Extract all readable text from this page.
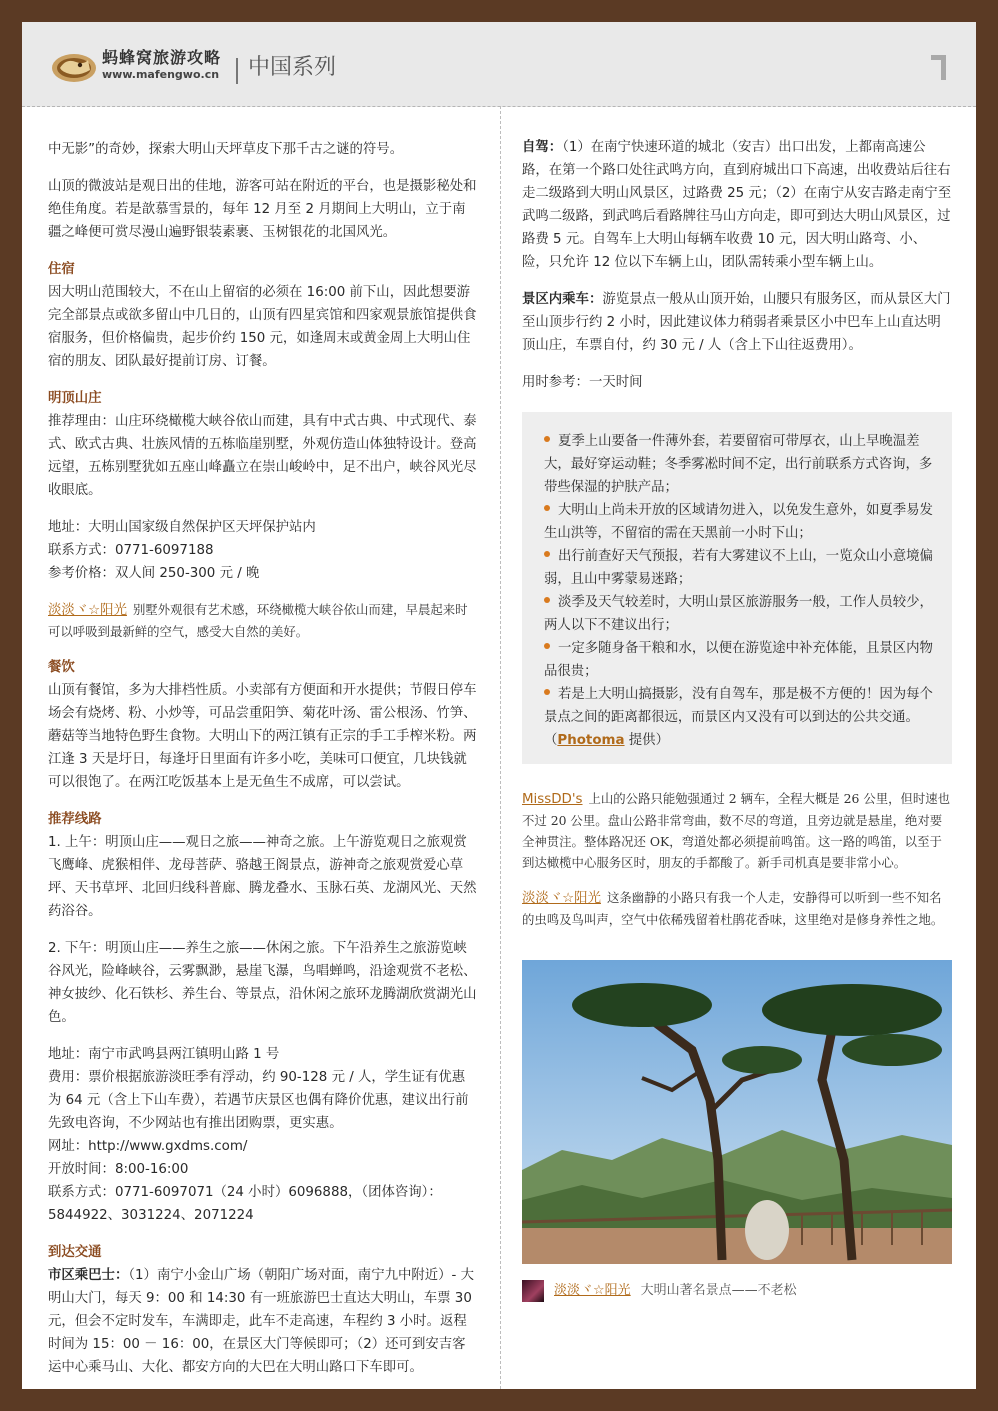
蚂蜂窝旅游攻略
www.mafengwo.cn 中国系列

中无影”的奇妙，探索大明山天坪草皮下那千古之谜的符号。

山顶的微波站是观日出的佳地，游客可站在附近的平台，也是摄影秘处和绝佳角度。若是歆慕雪景的，每年 12 月至 2 月期间上大明山，立于南疆之峰便可赏尽漫山遍野银装素裹、玉树银花的北国风光。

住宿

因大明山范围较大，不在山上留宿的必须在 16:00 前下山，因此想要游完全部景点或欲多留山中几日的，山顶有四星宾馆和四家观景旅馆提供食宿服务，但价格偏贵，起步价约 150 元，如逢周末或黄金周上大明山住宿的朋友、团队最好提前订房、订餐。

明顶山庄

推荐理由：山庄环绕橄榄大峡谷依山而建，具有中式古典、中式现代、泰式、欧式古典、壮族风情的五栋临崖别墅，外观仿造山体独特设计。登高远望，五栋别墅犹如五座山峰矗立在崇山峻岭中，足不出户，峡谷风光尽收眼底。

地址：大明山国家级自然保护区天坪保护站内

联系方式：0771-6097188

参考价格：双人间 250-300 元 / 晚

淡淡ヾ☆阳光 别墅外观很有艺术感，环绕橄榄大峡谷依山而建，早晨起来时可以呼吸到最新鲜的空气，感受大自然的美好。

餐饮

山顶有餐馆，多为大排档性质。小卖部有方便面和开水提供；节假日停车场会有烧烤、粉、小炒等，可品尝重阳笋、菊花叶汤、雷公根汤、竹笋、蘑菇等当地特色野生食物。大明山下的两江镇有正宗的手工手榨米粉。两江逢 3 天是圩日，每逢圩日里面有许多小吃，美味可口便宜，几块钱就可以很饱了。在两江吃饭基本上是无鱼生不成席，可以尝试。

推荐线路

1. 上午：明顶山庄——观日之旅——神奇之旅。上午游览观日之旅观赏飞鹰峰、虎猴相伴、龙母菩萨、骆越王阁景点，游神奇之旅观赏爱心草坪、天书草坪、北回归线科普廊、腾龙叠水、玉脉石英、龙湖风光、天然药浴谷。

2. 下午：明顶山庄——养生之旅——休闲之旅。下午沿养生之旅游览峡谷风光，险峰峡谷，云雾飘渺，悬崖飞瀑，鸟唱蝉鸣，沿途观赏不老松、神女披纱、化石铁杉、养生台、等景点，沿休闲之旅环龙腾湖欣赏湖光山色。

地址：南宁市武鸣县两江镇明山路 1 号

费用：票价根据旅游淡旺季有浮动，约 90-128 元 / 人，学生证有优惠为 64 元（含上下山车费），若遇节庆景区也偶有降价优惠，建议出行前先致电咨询，不少网站也有推出团购票，更实惠。

网址：http://www.gxdms.com/

开放时间：8:00-16:00

联系方式：0771-6097071（24 小时）6096888，（团体咨询）：5844922、3031224、2071224

到达交通

市区乘巴士：（1）南宁小金山广场（朝阳广场对面，南宁九中附近）- 大明山大门，每天 9：00 和 14:30 有一班旅游巴士直达大明山，车票 30 元，但会不定时发车，车满即走，此车不走高速，车程约 3 小时。返程时间为 15：00 － 16：00，在景区大门等候即可；（2）还可到安吉客运中心乘马山、大化、都安方向的大巴在大明山路口下车即可。

自驾：（1）在南宁快速环道的城北（安吉）出口出发，上都南高速公路，在第一个路口处往武鸣方向，直到府城出口下高速，出收费站后往右走二级路到大明山风景区，过路费 25 元；（2）在南宁从安吉路走南宁至武鸣二级路，到武鸣后看路牌往马山方向走，即可到达大明山风景区，过路费 5 元。自驾车上大明山每辆车收费 10 元，因大明山路弯、小、险，只允许 12 位以下车辆上山，团队需转乘小型车辆上山。

景区内乘车：游览景点一般从山顶开始，山腰只有服务区，而从景区大门至山顶步行约 2 小时，因此建议体力稍弱者乘景区小中巴车上山直达明顶山庄，车票自付，约 30 元 / 人（含上下山往返费用）。

用时参考：一天时间

夏季上山要备一件薄外套，若要留宿可带厚衣，山上早晚温差大，最好穿运动鞋；冬季雾凇时间不定，出行前联系方式咨询，多带些保湿的护肤产品；

大明山上尚未开放的区域请勿进入，以免发生意外，如夏季易发生山洪等，不留宿的需在天黑前一小时下山；

出行前查好天气预报，若有大雾建议不上山，一览众山小意境偏弱，且山中雾蒙易迷路；

淡季及天气较差时，大明山景区旅游服务一般，工作人员较少，两人以下不建议出行；

一定多随身备干粮和水，以便在游览途中补充体能，且景区内物品很贵；

若是上大明山搞摄影，没有自驾车，那是极不方便的！因为每个景点之间的距离都很远，而景区内又没有可以到达的公共交通。
（Photoma 提供）

MissDD's 上山的公路只能勉强通过 2 辆车，全程大概是 26 公里，但时速也不过 20 公里。盘山公路非常弯曲，数不尽的弯道，且旁边就是悬崖，绝对要全神贯注。整体路况还 OK，弯道处都必须提前鸣笛。这一路的鸣笛，以至于到达橄榄中心服务区时，朋友的手都酸了。新手司机真是要非常小心。

淡淡ヾ☆阳光 这条幽静的小路只有我一个人走，安静得可以听到一些不知名的虫鸣及鸟叫声，空气中依稀残留着杜鹃花香味，这里绝对是修身养性之地。

淡淡ヾ☆阳光 大明山著名景点——不老松
